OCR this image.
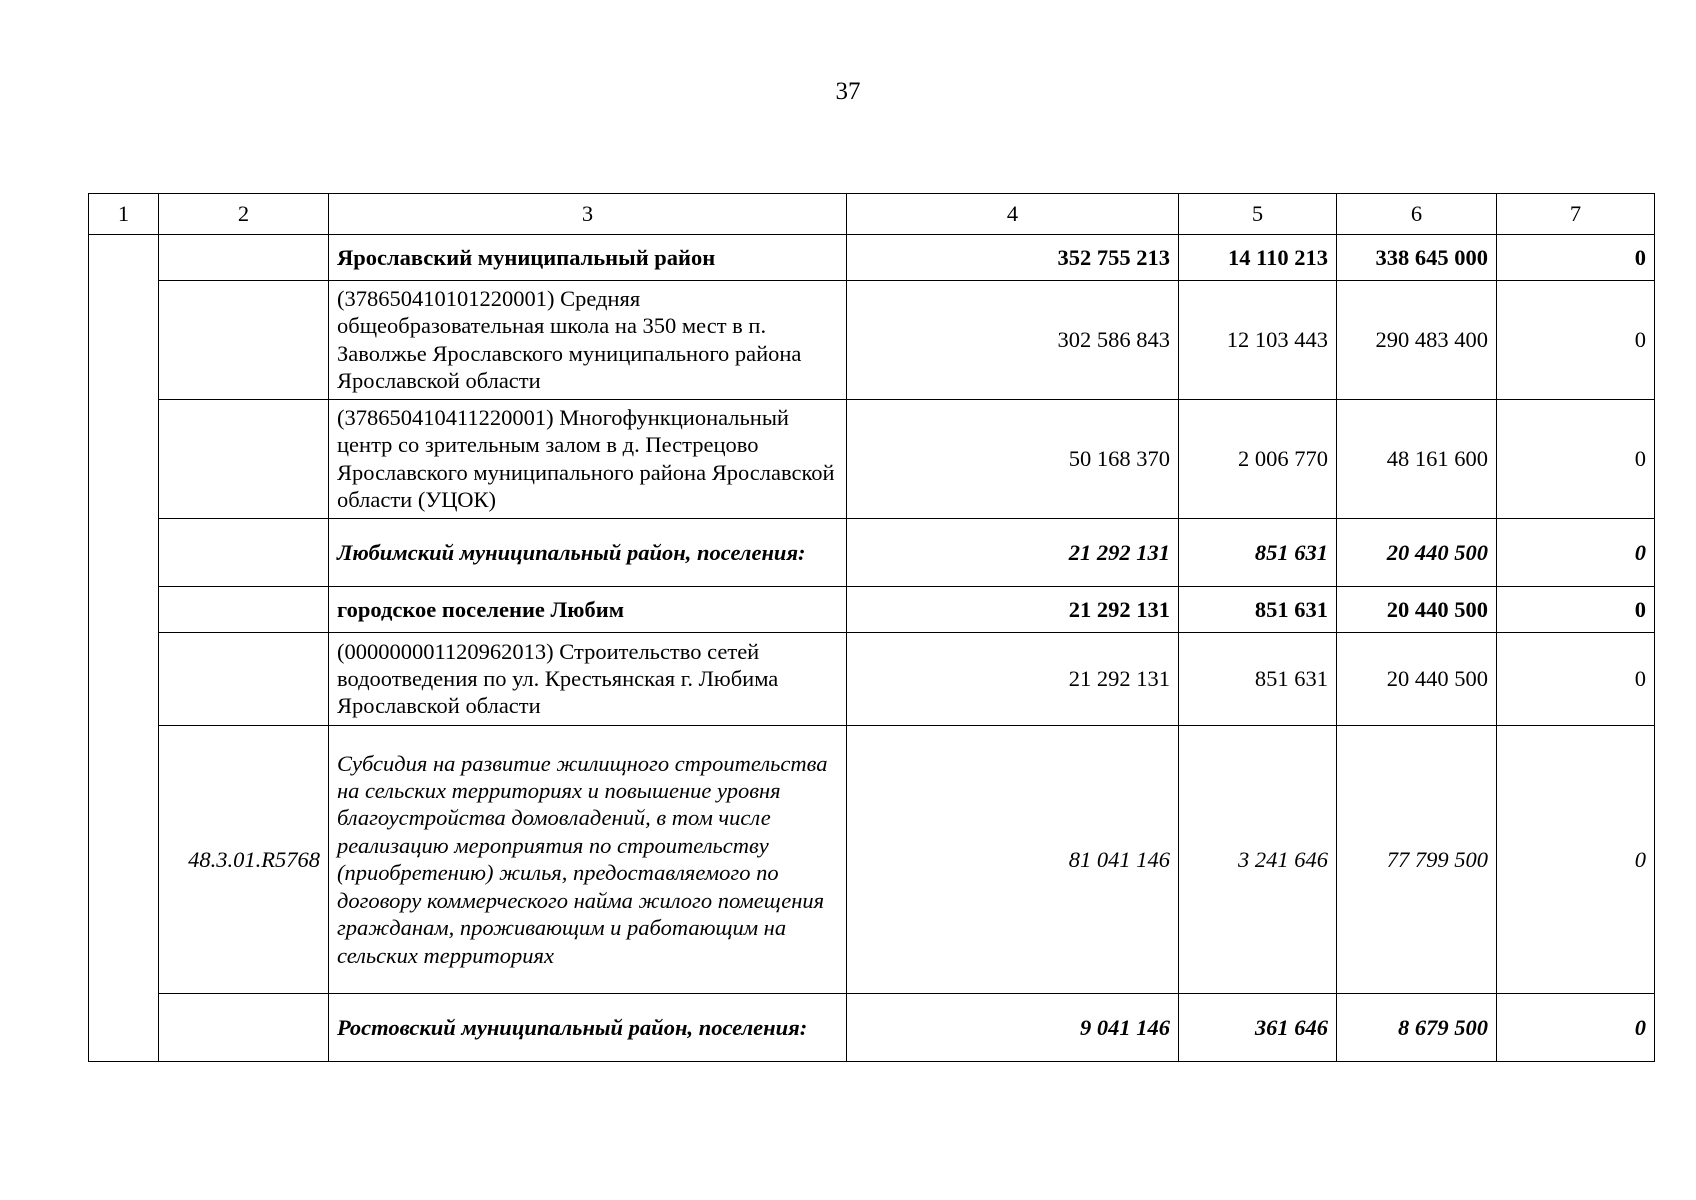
37
1	2	3	4	5	6	7
		Ярославский муниципальный район	352 755 213	14 110 213	338 645 000	0
		(378650410101220001) Средняя общеобразовательная школа на 350 мест в п. Заволжье Ярославского муниципального района Ярославской области	302 586 843	12 103 443	290 483 400	0
		(378650410411220001) Многофункциональный центр со зрительным залом в д. Пестрецово Ярославского муниципального района Ярославской области (УЦОК)	50 168 370	2 006 770	48 161 600	0
		Любимский муниципальный район, поселения:	21 292 131	851 631	20 440 500	0
		городское поселение Любим	21 292 131	851 631	20 440 500	0
		(000000001120962013) Строительство сетей водоотведения по ул. Крестьянская г. Любима Ярославской области	21 292 131	851 631	20 440 500	0
	48.3.01.R5768	Субсидия на развитие жилищного строительства на сельских территориях и повышение уровня благоустройства домовладений, в том числе реализацию мероприятия по строительству (приобретению) жилья, предоставляемого по договору коммерческого найма жилого помещения гражданам, проживающим и работающим на сельских территориях	81 041 146	3 241 646	77 799 500	0
		Ростовский муниципальный район, поселения:	9 041 146	361 646	8 679 500	0
